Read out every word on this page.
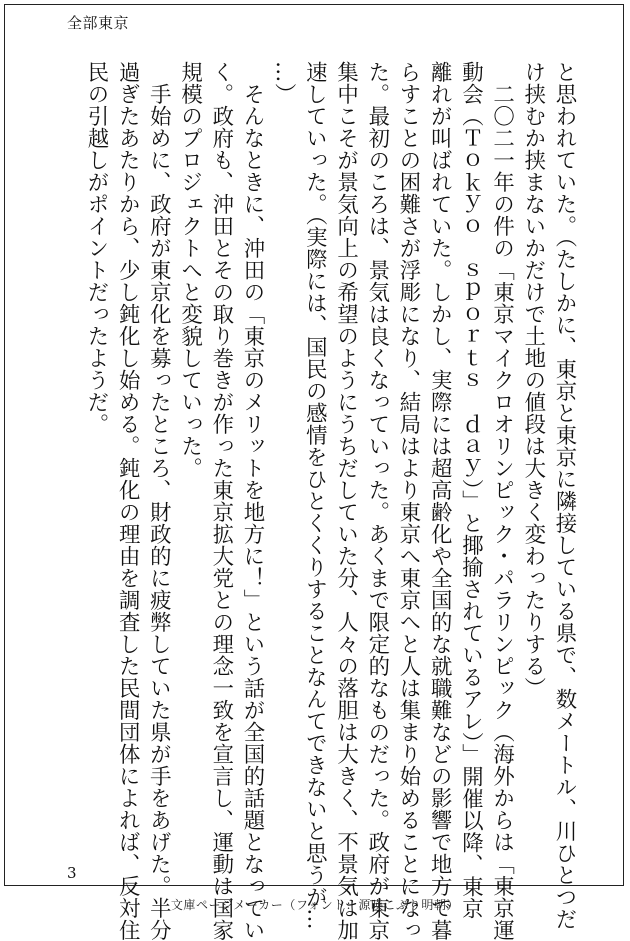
全部東京
と思われていた。（たしかに、東京と東京に隣接している県で、数メートル、川ひとつだ
け挟むか挟まないかだけで土地の値段は大きく変わったりする）
　二〇二一年の件の「東京マイクロオリンピック・パラリンピック（海外からは「東京運
動会（Ｔｏｋｙｏ　ｓｐｏｒｔｓ　ｄａｙ）」と揶揄されているアレ）」開催以降、東京
離れが叫ばれていた。しかし、実際には超高齢化や全国的な就職難などの影響で地方で暮
らすことの困難さが浮彫になり、結局はより東京へ東京へと人は集まり始めることになっ
た。最初のころは、景気は良くなっていった。あくまで限定的なものだった。政府が東京
集中こそが景気向上の希望のようにうちだしていた分、人々の落胆は大きく、不景気は加
速していった。（実際には、国民の感情をひとくくりすることなんてできないと思うが…
…）
　そんなときに、沖田の「東京のメリットを地方に！」という話が全国的話題となってい
く。政府も、沖田とその取り巻きが作った東京拡大党との理念一致を宣言し、運動は国家
規模のプロジェクトへと変貌していった。
　手始めに、政府が東京化を募ったところ、財政的に疲弊していた県が手をあげた。半分
過ぎたあたりから、少し鈍化し始める。鈍化の理由を調査した民間団体によれば、反対住
民の引越しがポイントだったようだ。
3
文庫ページメーカー（フォント：源暎こぶり明朝）
